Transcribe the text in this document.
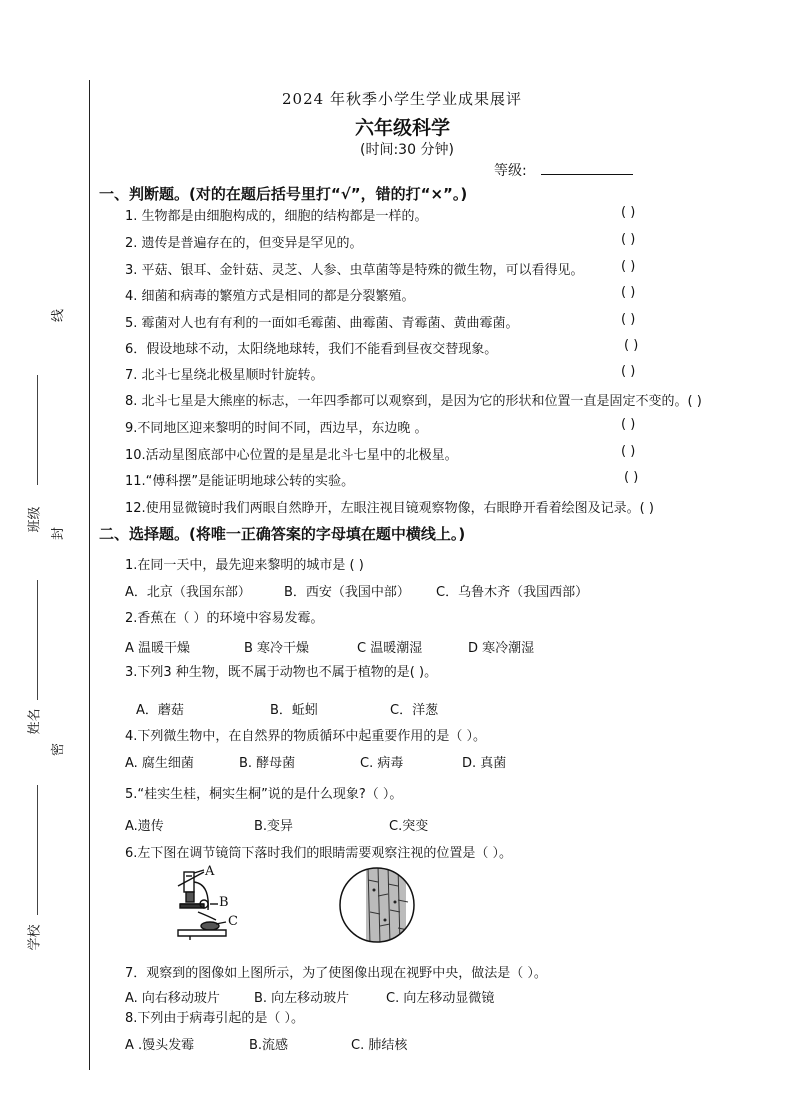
线
封
密
班级
姓名
学校
2024 年秋季小学生学业成果展评
六年级科学
(时间:30 分钟)
等级:
一、判断题。(对的在题后括号里打“√”，错的打“×”。)
1. 生物都是由细胞构成的，细胞的结构都是一样的。	( )
2. 遗传是普遍存在的，但变异是罕见的。	( )
3. 平菇、银耳、金针菇、灵芝、人参、虫草菌等是特殊的微生物，可以看得见。	( )
4. 细菌和病毒的繁殖方式是相同的都是分裂繁殖。	( )
5. 霉菌对人也有有利的一面如毛霉菌、曲霉菌、青霉菌、黄曲霉菌。	( )
6．假设地球不动，太阳绕地球转，我们不能看到昼夜交替现象。	( )
7. 北斗七星绕北极星顺时针旋转。	( )
8. 北斗七星是大熊座的标志，一年四季都可以观察到，是因为它的形状和位置一直是固定不变的。( )
9.不同地区迎来黎明的时间不同，西边早，东边晚 。	( )
10.活动星图底部中心位置的是星是北斗七星中的北极星。	( )
11.“傅科摆”是能证明地球公转的实验。	( )
12.使用显微镜时我们两眼自然睁开，左眼注视目镜观察物像，右眼睁开看着绘图及记录。( )
二、选择题。(将唯一正确答案的字母填在题中横线上。)
1.在同一天中，最先迎来黎明的城市是 ( )
A．北京（我国东部）	B．西安（我国中部） C．乌鲁木齐（我国西部）
2.香蕉在（ ）的环境中容易发霉。
A 温暖干燥	B 寒冷干燥	C 温暖潮湿	D 寒冷潮湿
3.下列3 种生物，既不属于动物也不属于植物的是( )。
A．蘑菇	B．蚯蚓	C．洋葱
4.下列微生物中，在自然界的物质循环中起重要作用的是（ ）。
A. 腐生细菌	B. 酵母菌	C. 病毒	D. 真菌
5.“桂实生桂，桐实生桐”说的是什么现象?（ ）。
A.遗传	B.变异	C.突变
6.左下图在调节镜筒下落时我们的眼睛需要观察注视的位置是（ ）。
A
B
C
7．观察到的图像如上图所示，为了使图像出现在视野中央，做法是（ ）。
A. 向右移动玻片	B. 向左移动玻片	C. 向左移动显微镜
8.下列由于病毒引起的是（ ）。
A .馒头发霉	B.流感	C. 肺结核
